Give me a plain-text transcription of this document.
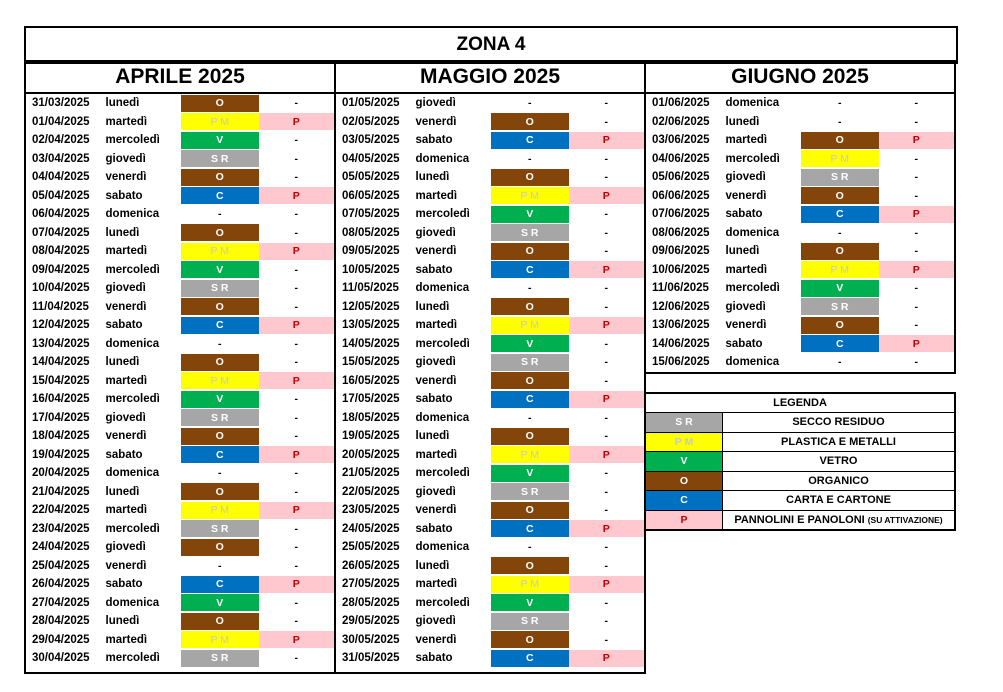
ZONA 4
APRILE 2025
31/03/2025	lunedì	O	-
01/04/2025	martedì	P M	P
02/04/2025	mercoledì	V	-
03/04/2025	giovedì	S R	-
04/04/2025	venerdì	O	-
05/04/2025	sabato	C	P
06/04/2025	domenica	-	-
07/04/2025	lunedì	O	-
08/04/2025	martedì	P M	P
09/04/2025	mercoledì	V	-
10/04/2025	giovedì	S R	-
11/04/2025	venerdì	O	-
12/04/2025	sabato	C	P
13/04/2025	domenica	-	-
14/04/2025	lunedì	O	-
15/04/2025	martedì	P M	P
16/04/2025	mercoledì	V	-
17/04/2025	giovedì	S R	-
18/04/2025	venerdì	O	-
19/04/2025	sabato	C	P
20/04/2025	domenica	-	-
21/04/2025	lunedì	O	-
22/04/2025	martedì	P M	P
23/04/2025	mercoledì	S R	-
24/04/2025	giovedì	O	-
25/04/2025	venerdì	-	-
26/04/2025	sabato	C	P
27/04/2025	domenica	V	-
28/04/2025	lunedì	O	-
29/04/2025	martedì	P M	P
30/04/2025	mercoledì	S R	-
MAGGIO 2025
01/05/2025	giovedì	-	-
02/05/2025	venerdì	O	-
03/05/2025	sabato	C	P
04/05/2025	domenica	-	-
05/05/2025	lunedì	O	-
06/05/2025	martedì	P M	P
07/05/2025	mercoledì	V	-
08/05/2025	giovedì	S R	-
09/05/2025	venerdì	O	-
10/05/2025	sabato	C	P
11/05/2025	domenica	-	-
12/05/2025	lunedì	O	-
13/05/2025	martedì	P M	P
14/05/2025	mercoledì	V	-
15/05/2025	giovedì	S R	-
16/05/2025	venerdì	O	-
17/05/2025	sabato	C	P
18/05/2025	domenica	-	-
19/05/2025	lunedì	O	-
20/05/2025	martedì	P M	P
21/05/2025	mercoledì	V	-
22/05/2025	giovedì	S R	-
23/05/2025	venerdì	O	-
24/05/2025	sabato	C	P
25/05/2025	domenica	-	-
26/05/2025	lunedì	O	-
27/05/2025	martedì	P M	P
28/05/2025	mercoledì	V	-
29/05/2025	giovedì	S R	-
30/05/2025	venerdì	O	-
31/05/2025	sabato	C	P
GIUGNO 2025
01/06/2025	domenica	-	-
02/06/2025	lunedì	-	-
03/06/2025	martedì	O	P
04/06/2025	mercoledì	P M	-
05/06/2025	giovedì	S R	-
06/06/2025	venerdì	O	-
07/06/2025	sabato	C	P
08/06/2025	domenica	-	-
09/06/2025	lunedì	O	-
10/06/2025	martedì	P M	P
11/06/2025	mercoledì	V	-
12/06/2025	giovedì	S R	-
13/06/2025	venerdì	O	-
14/06/2025	sabato	C	P
15/06/2025	domenica	-	-
LEGENDA
S R	SECCO RESIDUO
P M	PLASTICA E METALLI
V	VETRO
O	ORGANICO
C	CARTA E CARTONE
P	PANNOLINI E PANOLONI (SU ATTIVAZIONE)
